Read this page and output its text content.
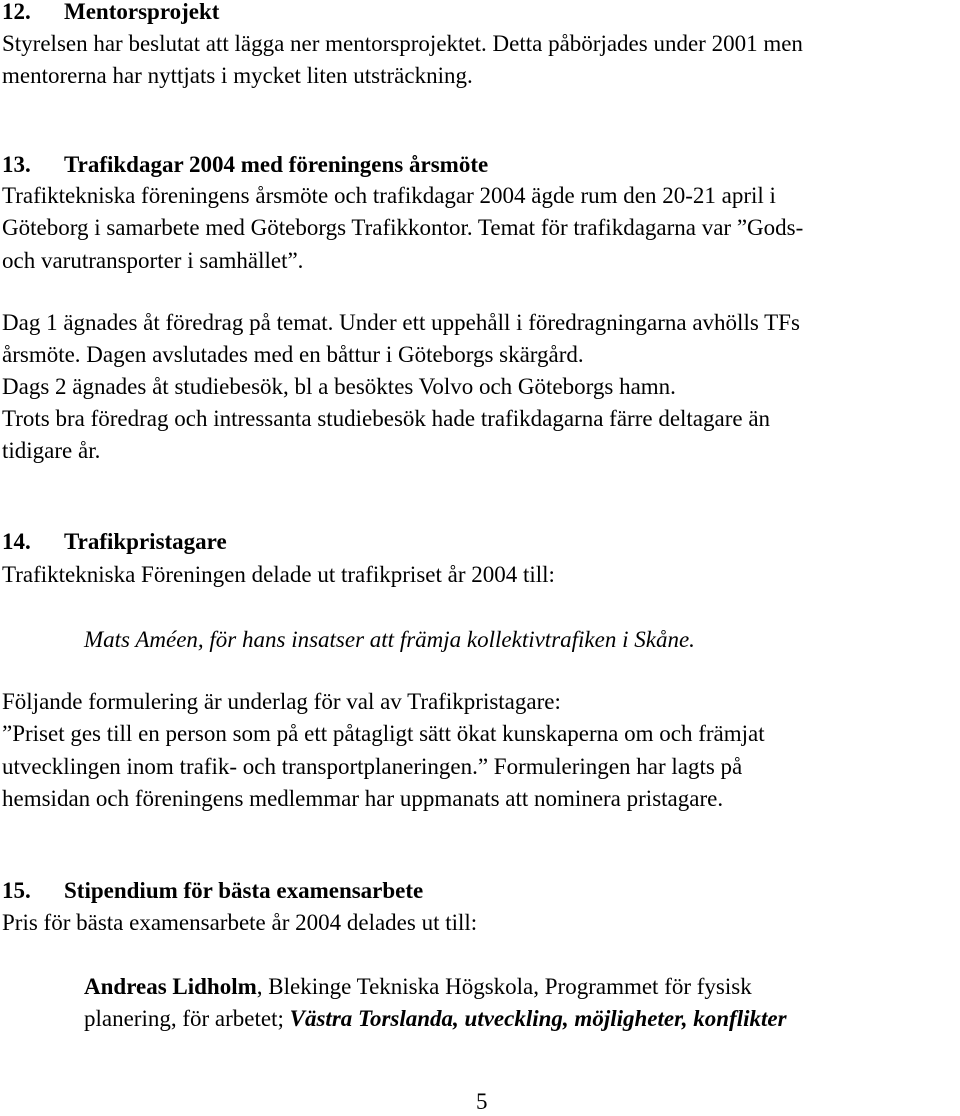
12. Mentorsprojekt
Styrelsen har beslutat att lägga ner mentorsprojektet. Detta påbörjades under 2001 men
mentorerna har nyttjats i mycket liten utsträckning.
13. Trafikdagar 2004 med föreningens årsmöte
Trafiktekniska föreningens årsmöte och trafikdagar 2004 ägde rum den 20-21 april i
Göteborg i samarbete med Göteborgs Trafikkontor. Temat för trafikdagarna var ”Gods-
och varutransporter i samhället”.
Dag 1 ägnades åt föredrag på temat. Under ett uppehåll i föredragningarna avhölls TFs
årsmöte. Dagen avslutades med en båttur i Göteborgs skärgård.
Dags 2 ägnades åt studiebesök, bl a besöktes Volvo och Göteborgs hamn.
Trots bra föredrag och intressanta studiebesök hade trafikdagarna färre deltagare än
tidigare år.
14. Trafikpristagare
Trafiktekniska Föreningen delade ut trafikpriset år 2004 till:
Mats Améen, för hans insatser att främja kollektivtrafiken i Skåne.
Följande formulering är underlag för val av Trafikpristagare:
”Priset ges till en person som på ett påtagligt sätt ökat kunskaperna om och främjat
utvecklingen inom trafik- och transportplaneringen.” Formuleringen har lagts på
hemsidan och föreningens medlemmar har uppmanats att nominera pristagare.
15. Stipendium för bästa examensarbete
Pris för bästa examensarbete år 2004 delades ut till:
Andreas Lidholm, Blekinge Tekniska Högskola, Programmet för fysisk
planering, för arbetet; Västra Torslanda, utveckling, möjligheter, konflikter
5
